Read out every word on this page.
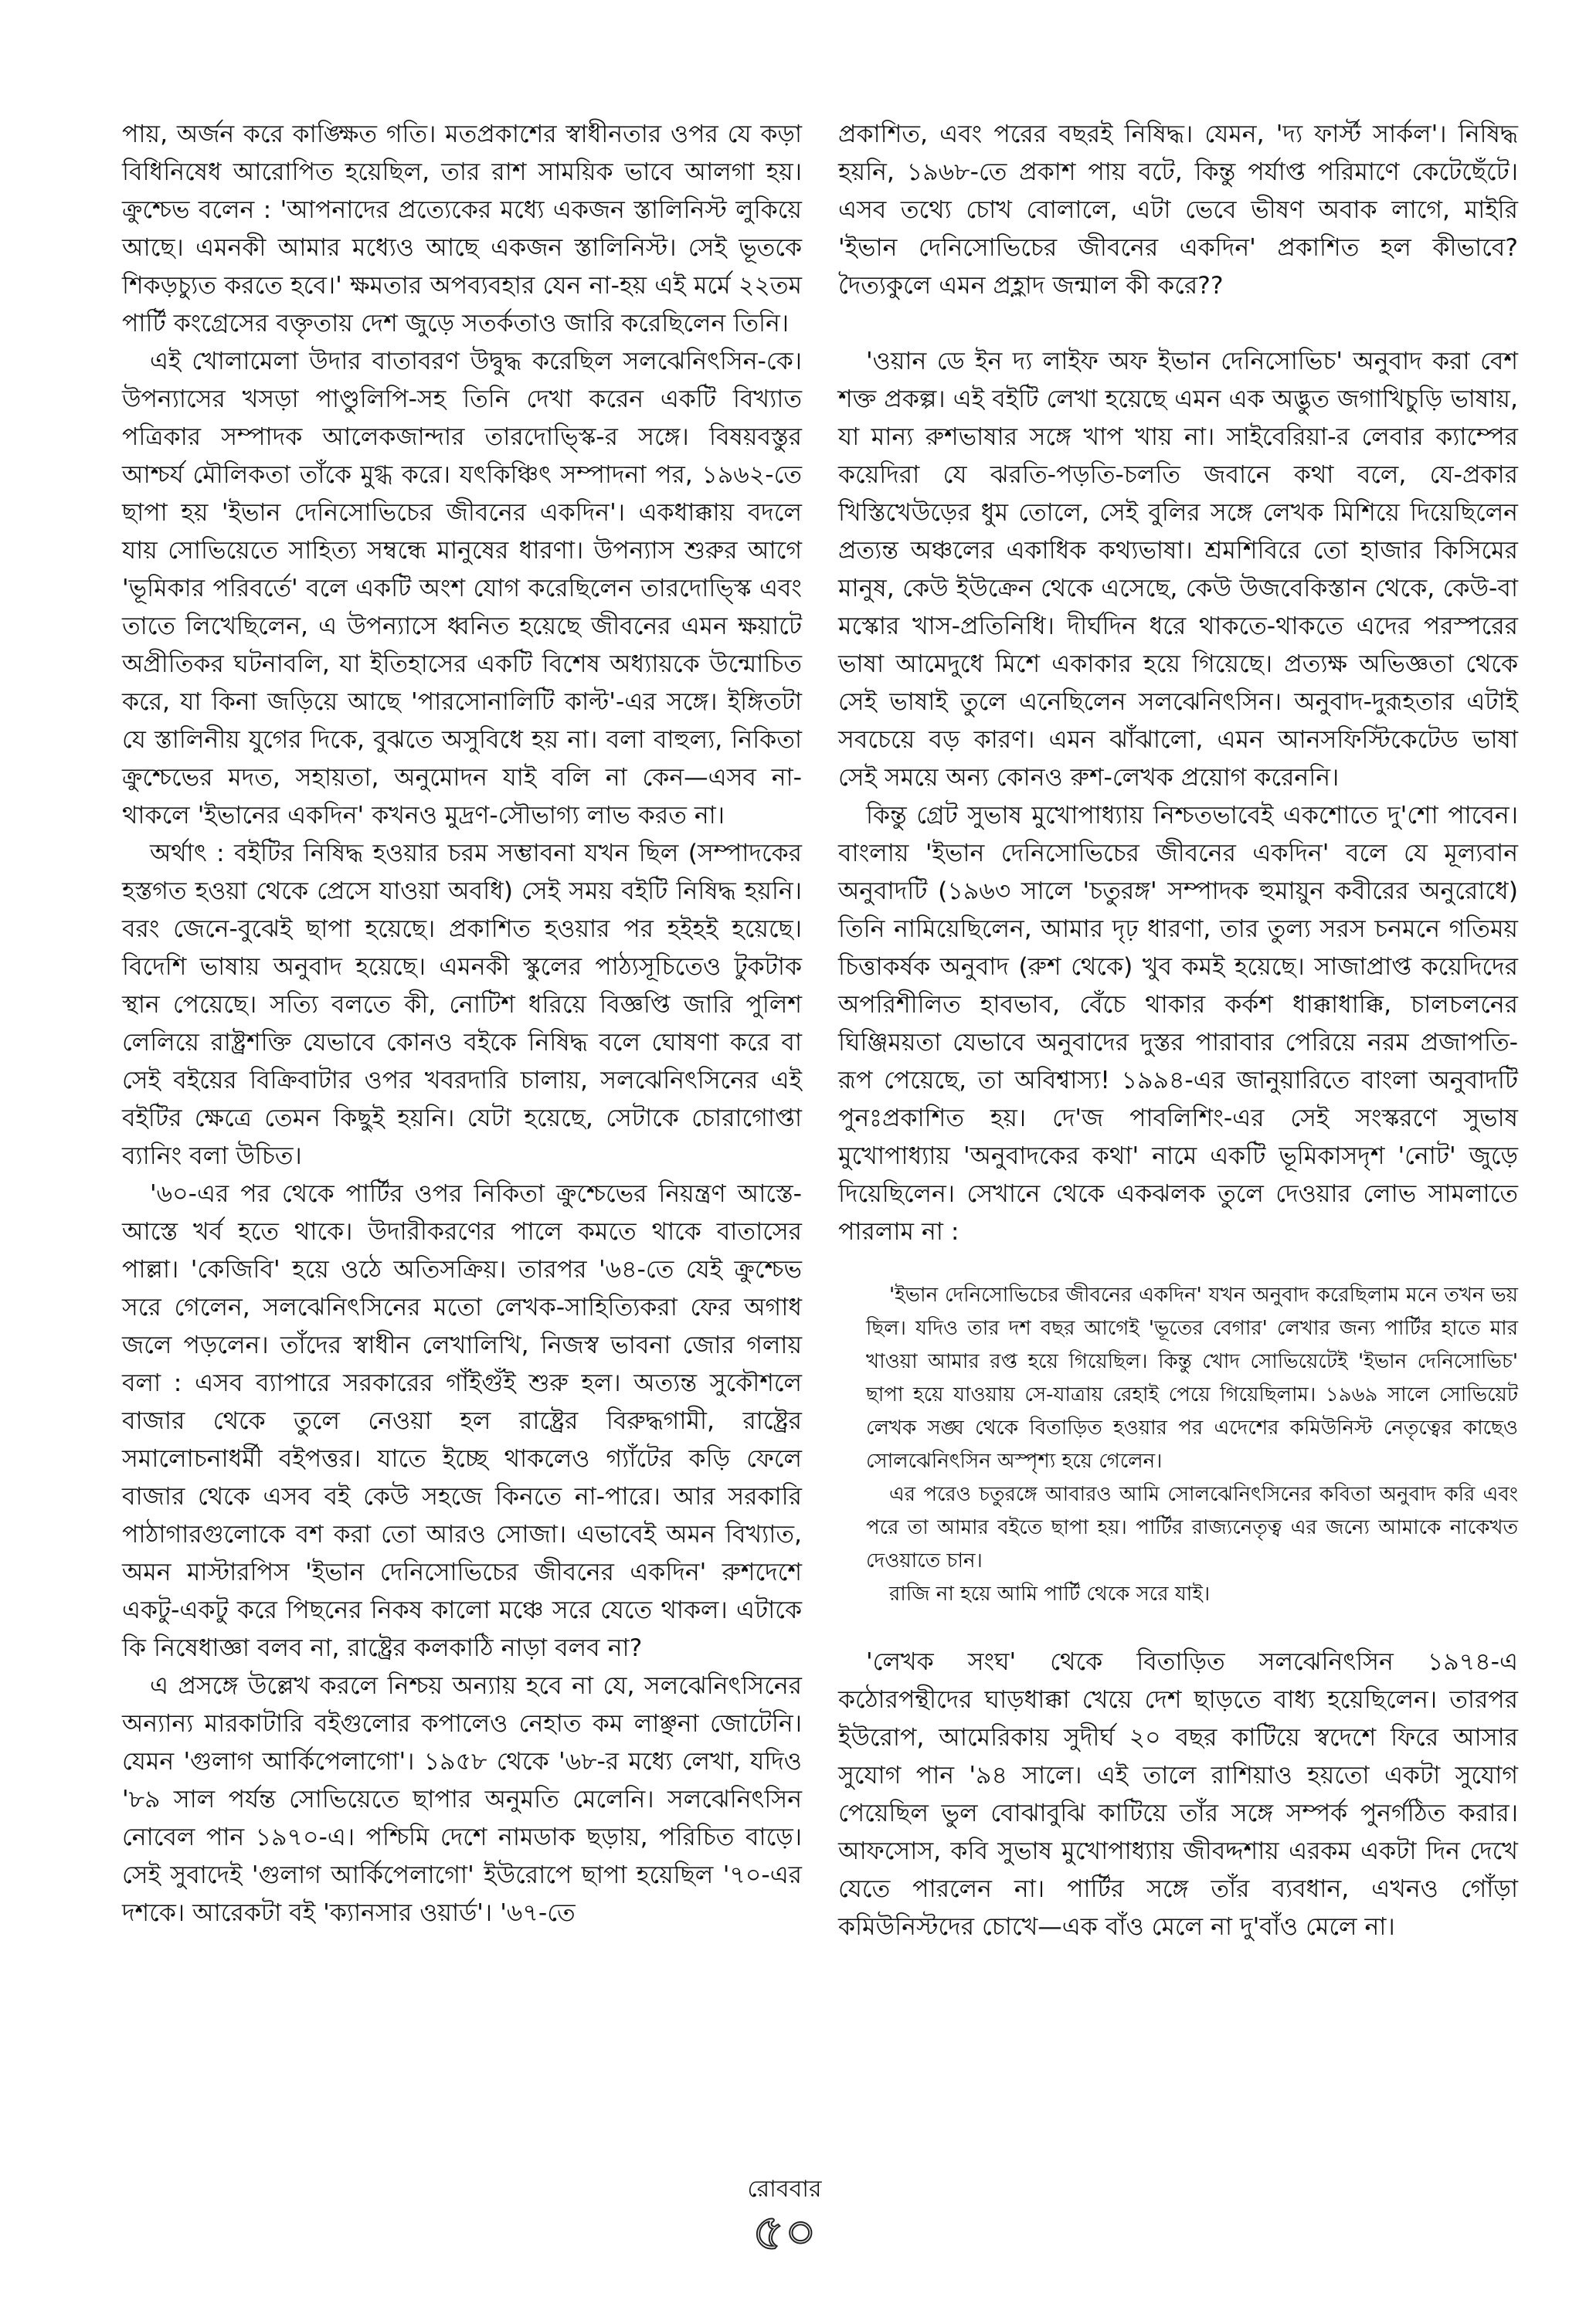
পায়, অর্জন করে কাঙ্ক্ষিত গতি। মতপ্রকাশের স্বাধীনতার ওপর যে কড়া বিধিনিষেধ আরোপিত হয়েছিল, তার রাশ সাময়িক ভাবে আলগা হয়। ক্রুশ্চেভ বলেন : 'আপনাদের প্রত্যেকের মধ্যে একজন স্তালিনিস্ট লুকিয়ে আছে। এমনকী আমার মধ্যেও আছে একজন স্তালিনিস্ট। সেই ভূতকে শিকড়চ্যুত করতে হবে।' ক্ষমতার অপব্যবহার যেন না-হয় এই মর্মে ২২তম পার্টি কংগ্রেসের বক্তৃতায় দেশ জুড়ে সতর্কতাও জারি করেছিলেন তিনি।

এই খোলামেলা উদার বাতাবরণ উদ্বুদ্ধ করেছিল সলঝেনিৎসিন-কে। উপন্যাসের খসড়া পাণ্ডুলিপি-সহ তিনি দেখা করেন একটি বিখ্যাত পত্রিকার সম্পাদক আলেকজান্দার তারদোভ্স্কি-র সঙ্গে। বিষয়বস্তুর আশ্চর্য মৌলিকতা তাঁকে মুগ্ধ করে। যৎকিঞ্চিৎ সম্পাদনা পর, ১৯৬২-তে ছাপা হয় 'ইভান দেনিসোভিচের জীবনের একদিন'। একধাক্কায় বদলে যায় সোভিয়েতে সাহিত্য সম্বন্ধে মানুষের ধারণা। উপন্যাস শুরুর আগে 'ভূমিকার পরিবর্তে' বলে একটি অংশ যোগ করেছিলেন তারদোভ্স্কি এবং তাতে লিখেছিলেন, এ উপন্যাসে ধ্বনিত হয়েছে জীবনের এমন ক্ষয়াটে অপ্রীতিকর ঘটনাবলি, যা ইতিহাসের একটি বিশেষ অধ্যায়কে উন্মোচিত করে, যা কিনা জড়িয়ে আছে 'পারসোনালিটি কাল্ট'-এর সঙ্গে। ইঙ্গিতটা যে স্তালিনীয় যুগের দিকে, বুঝতে অসুবিধে হয় না। বলা বাহুল্য, নিকিতা ক্রুশ্চেভের মদত, সহায়তা, অনুমোদন যাই বলি না কেন—এসব না-থাকলে 'ইভানের একদিন' কখনও মুদ্রণ-সৌভাগ্য লাভ করত না।

অর্থাৎ : বইটির নিষিদ্ধ হওয়ার চরম সম্ভাবনা যখন ছিল (সম্পাদকের হস্তগত হওয়া থেকে প্রেসে যাওয়া অবধি) সেই সময় বইটি নিষিদ্ধ হয়নি। বরং জেনে-বুঝেই ছাপা হয়েছে। প্রকাশিত হওয়ার পর হইহই হয়েছে। বিদেশি ভাষায় অনুবাদ হয়েছে। এমনকী স্কুলের পাঠ্যসূচিতেও টুকটাক স্থান পেয়েছে। সত্যি বলতে কী, নোটিশ ধরিয়ে বিজ্ঞপ্তি জারি পুলিশ লেলিয়ে রাষ্ট্রশক্তি যেভাবে কোনও বইকে নিষিদ্ধ বলে ঘোষণা করে বা সেই বইয়ের বিক্রিবাটার ওপর খবরদারি চালায়, সলঝেনিৎসিনের এই বইটির ক্ষেত্রে তেমন কিছুই হয়নি। যেটা হয়েছে, সেটাকে চোরাগোপ্তা ব্যানিং বলা উচিত।

'৬০-এর পর থেকে পার্টির ওপর নিকিতা ক্রুশ্চেভের নিয়ন্ত্রণ আস্তে-আস্তে খর্ব হতে থাকে। উদারীকরণের পালে কমতে থাকে বাতাসের পাল্লা। 'কেজিবি' হয়ে ওঠে অতিসক্রিয়। তারপর '৬৪-তে যেই ক্রুশ্চেভ সরে গেলেন, সলঝেনিৎসিনের মতো লেখক-সাহিত্যিকরা ফের অগাধ জলে পড়লেন। তাঁদের স্বাধীন লেখালিখি, নিজস্ব ভাবনা জোর গলায় বলা : এসব ব্যাপারে সরকারের গাঁইগুঁই শুরু হল। অত্যন্ত সুকৌশলে বাজার থেকে তুলে নেওয়া হল রাষ্ট্রের বিরুদ্ধগামী, রাষ্ট্রের সমালোচনাধর্মী বইপত্তর। যাতে ইচ্ছে থাকলেও গ্যাঁটের কড়ি ফেলে বাজার থেকে এসব বই কেউ সহজে কিনতে না-পারে। আর সরকারি পাঠাগারগুলোকে বশ করা তো আরও সোজা। এভাবেই অমন বিখ্যাত, অমন মাস্টারপিস 'ইভান দেনিসোভিচের জীবনের একদিন' রুশদেশে একটু-একটু করে পিছনের নিকষ কালো মঞ্চে সরে যেতে থাকল। এটাকে কি নিষেধাজ্ঞা বলব না, রাষ্ট্রের কলকাঠি নাড়া বলব না?

এ প্রসঙ্গে উল্লেখ করলে নিশ্চয় অন্যায় হবে না যে, সলঝেনিৎসিনের অন্যান্য মারকাটারি বইগুলোর কপালেও নেহাত কম লাঞ্ছনা জোটেনি। যেমন 'গুলাগ আর্কিপেলাগো'। ১৯৫৮ থেকে '৬৮-র মধ্যে লেখা, যদিও '৮৯ সাল পর্যন্ত সোভিয়েতে ছাপার অনুমতি মেলেনি। সলঝেনিৎসিন নোবেল পান ১৯৭০-এ। পশ্চিমি দেশে নামডাক ছড়ায়, পরিচিত বাড়ে। সেই সুবাদেই 'গুলাগ আর্কিপেলাগো' ইউরোপে ছাপা হয়েছিল '৭০-এর দশকে। আরেকটা বই 'ক্যানসার ওয়ার্ড'। '৬৭-তে

প্রকাশিত, এবং পরের বছরই নিষিদ্ধ। যেমন, 'দ্য ফার্স্ট সার্কল'। নিষিদ্ধ হয়নি, ১৯৬৮-তে প্রকাশ পায় বটে, কিন্তু পর্যাপ্ত পরিমাণে কেটেছেঁটে। এসব তথ্যে চোখ বোলালে, এটা ভেবে ভীষণ অবাক লাগে, মাইরি 'ইভান দেনিসোভিচের জীবনের একদিন' প্রকাশিত হল কীভাবে? দৈত্যকুলে এমন প্রহ্লাদ জন্মাল কী করে??

'ওয়ান ডে ইন দ্য লাইফ অফ ইভান দেনিসোভিচ' অনুবাদ করা বেশ শক্ত প্রকল্প। এই বইটি লেখা হয়েছে এমন এক অদ্ভুত জগাখিচুড়ি ভাষায়, যা মান্য রুশভাষার সঙ্গে খাপ খায় না। সাইবেরিয়া-র লেবার ক্যাম্পের কয়েদিরা যে ঝরতি-পড়তি-চলতি জবানে কথা বলে, যে-প্রকার খিস্তিখেউড়ের ধুম তোলে, সেই বুলির সঙ্গে লেখক মিশিয়ে দিয়েছিলেন প্রত্যন্ত অঞ্চলের একাধিক কথ্যভাষা। শ্রমশিবিরে তো হাজার কিসিমের মানুষ, কেউ ইউক্রেন থেকে এসেছে, কেউ উজবেকিস্তান থেকে, কেউ-বা মস্কোর খাস-প্রতিনিধি। দীর্ঘদিন ধরে থাকতে-থাকতে এদের পরস্পরের ভাষা আমেদুধে মিশে একাকার হয়ে গিয়েছে। প্রত্যক্ষ অভিজ্ঞতা থেকে সেই ভাষাই তুলে এনেছিলেন সলঝেনিৎসিন। অনুবাদ-দুরূহতার এটাই সবচেয়ে বড় কারণ। এমন ঝাঁঝালো, এমন আনসফিস্টিকেটেড ভাষা সেই সময়ে অন্য কোনও রুশ-লেখক প্রয়োগ করেননি।

কিন্তু গ্রেট সুভাষ মুখোপাধ্যায় নিশ্চতভাবেই একশোতে দু'শো পাবেন। বাংলায় 'ইভান দেনিসোভিচের জীবনের একদিন' বলে যে মূল্যবান অনুবাদটি (১৯৬৩ সালে 'চতুরঙ্গ' সম্পাদক হুমায়ুন কবীরের অনুরোধে) তিনি নামিয়েছিলেন, আমার দৃঢ় ধারণা, তার তুল্য সরস চনমনে গতিময় চিত্তাকর্ষক অনুবাদ (রুশ থেকে) খুব কমই হয়েছে। সাজাপ্রাপ্ত কয়েদিদের অপরিশীলিত হাবভাব, বেঁচে থাকার কর্কশ ধাক্কাধাক্কি, চালচলনের ঘিঞ্জিময়তা যেভাবে অনুবাদের দুস্তর পারাবার পেরিয়ে নরম প্রজাপতি-রূপ পেয়েছে, তা অবিশ্বাস্য! ১৯৯৪-এর জানুয়ারিতে বাংলা অনুবাদটি পুনঃপ্রকাশিত হয়। দে'জ পাবলিশিং-এর সেই সংস্করণে সুভাষ মুখোপাধ্যায় 'অনুবাদকের কথা' নামে একটি ভূমিকাসদৃশ 'নোট' জুড়ে দিয়েছিলেন। সেখানে থেকে একঝলক তুলে দেওয়ার লোভ সামলাতে পারলাম না :

'ইভান দেনিসোভিচের জীবনের একদিন' যখন অনুবাদ করেছিলাম মনে তখন ভয় ছিল। যদিও তার দশ বছর আগেই 'ভূতের বেগার' লেখার জন্য পার্টির হাতে মার খাওয়া আমার রপ্ত হয়ে গিয়েছিল। কিন্তু খোদ সোভিয়েটেই 'ইভান দেনিসোভিচ' ছাপা হয়ে যাওয়ায় সে-যাত্রায় রেহাই পেয়ে গিয়েছিলাম। ১৯৬৯ সালে সোভিয়েট লেখক সঙ্ঘ থেকে বিতাড়িত হওয়ার পর এদেশের কমিউনিস্ট নেতৃত্বের কাছেও সোলঝেনিৎসিন অস্পৃশ্য হয়ে গেলেন।

এর পরেও চতুরঙ্গে আবারও আমি সোলঝেনিৎসিনের কবিতা অনুবাদ করি এবং পরে তা আমার বইতে ছাপা হয়। পার্টির রাজ্যনেতৃত্ব এর জন্যে আমাকে নাকেখত দেওয়াতে চান।

রাজি না হয়ে আমি পার্টি থেকে সরে যাই।

'লেখক সংঘ' থেকে বিতাড়িত সলঝেনিৎসিন ১৯৭৪-এ কঠোরপন্থীদের ঘাড়ধাক্কা খেয়ে দেশ ছাড়তে বাধ্য হয়েছিলেন। তারপর ইউরোপ, আমেরিকায় সুদীর্ঘ ২০ বছর কাটিয়ে স্বদেশে ফিরে আসার সুযোগ পান '৯৪ সালে। এই তালে রাশিয়াও হয়তো একটা সুযোগ পেয়েছিল ভুল বোঝাবুঝি কাটিয়ে তাঁর সঙ্গে সম্পর্ক পুনর্গঠিত করার। আফসোস, কবি সুভাষ মুখোপাধ্যায় জীবদ্দশায় এরকম একটা দিন দেখে যেতে পারলেন না। পার্টির সঙ্গে তাঁর ব্যবধান, এখনও গোঁড়া কমিউনিস্টদের চোখে—এক বাঁও মেলে না দু'বাঁও মেলে না।

রোববার
৫০
